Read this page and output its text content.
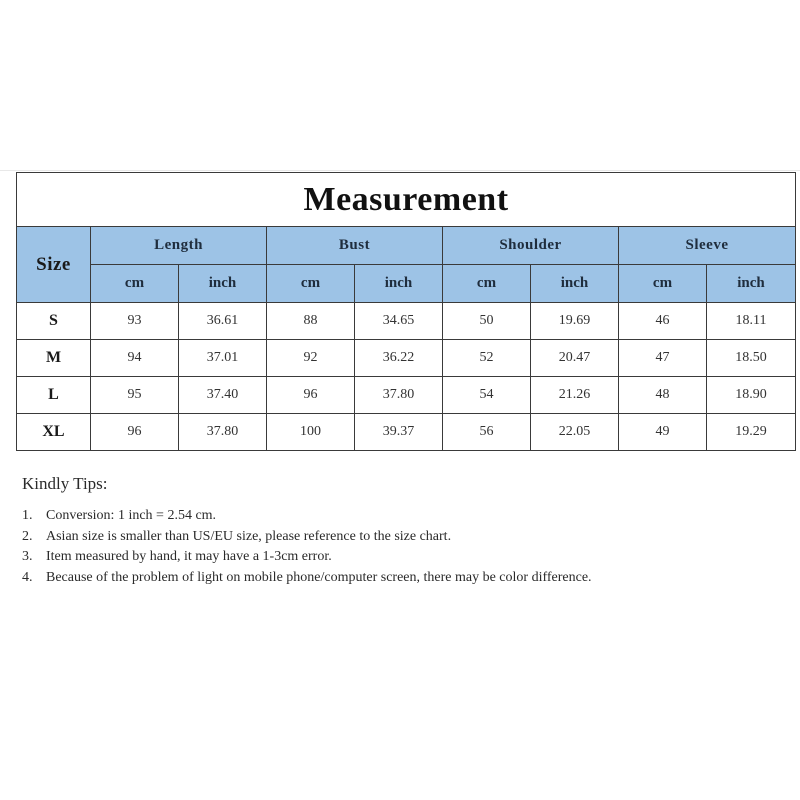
Measurement								
Size	Length		Bust		Shoulder		Sleeve	
	cm	inch	cm	inch	cm	inch	cm	inch
S	93	36.61	88	34.65	50	19.69	46	18.11
M	94	37.01	92	36.22	52	20.47	47	18.50
L	95	37.40	96	37.80	54	21.26	48	18.90
XL	96	37.80	100	39.37	56	22.05	49	19.29

Kindly Tips:

1. Conversion: 1 inch = 2.54 cm.
2. Asian size is smaller than US/EU size, please reference to the size chart.
3. Item measured by hand, it may have a 1-3cm error.
4. Because of the problem of light on mobile phone/computer screen, there may be color difference.
